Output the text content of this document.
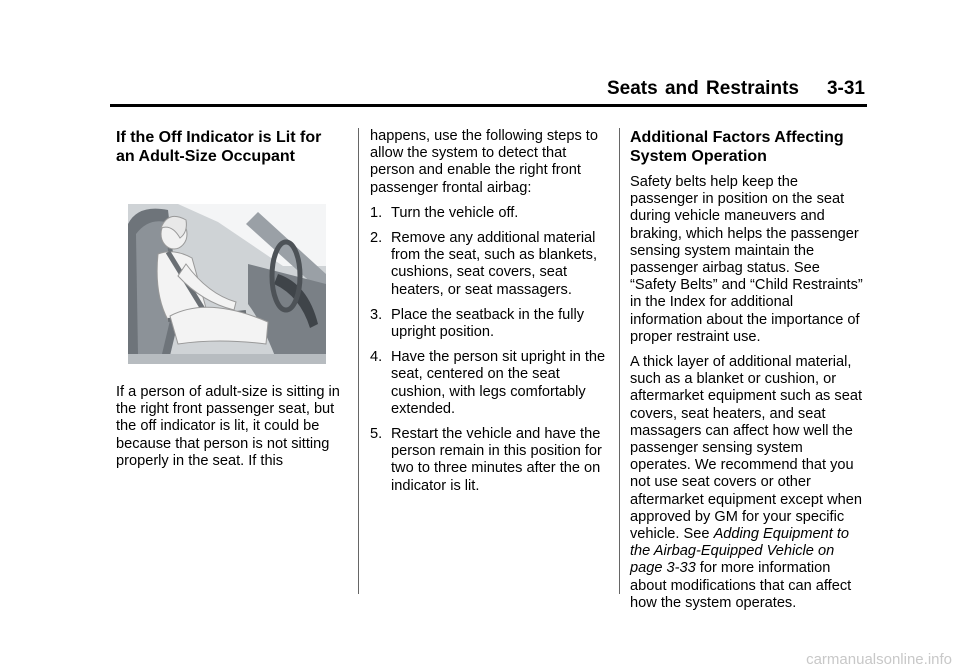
Seats and Restraints 3-31
If the Off Indicator is Lit for an Adult-Size Occupant

If a person of adult-size is sitting in the right front passenger seat, but the off indicator is lit, it could be because that person is not sitting properly in the seat. If this

happens, use the following steps to allow the system to detect that person and enable the right front passenger frontal airbag:

1. Turn the vehicle off.
2. Remove any additional material from the seat, such as blankets, cushions, seat covers, seat heaters, or seat massagers.
3. Place the seatback in the fully upright position.
4. Have the person sit upright in the seat, centered on the seat cushion, with legs comfortably extended.
5. Restart the vehicle and have the person remain in this position for two to three minutes after the on indicator is lit.
Additional Factors Affecting System Operation

Safety belts help keep the passenger in position on the seat during vehicle maneuvers and braking, which helps the passenger sensing system maintain the passenger airbag status. See “Safety Belts” and “Child Restraints” in the Index for additional information about the importance of proper restraint use.

A thick layer of additional material, such as a blanket or cushion, or aftermarket equipment such as seat covers, seat heaters, and seat massagers can affect how well the passenger sensing system operates. We recommend that you not use seat covers or other aftermarket equipment except when approved by GM for your specific vehicle. See Adding Equipment to the Airbag-Equipped Vehicle on page 3-33 for more information about modifications that can affect how the system operates.

carmanualsonline.info
